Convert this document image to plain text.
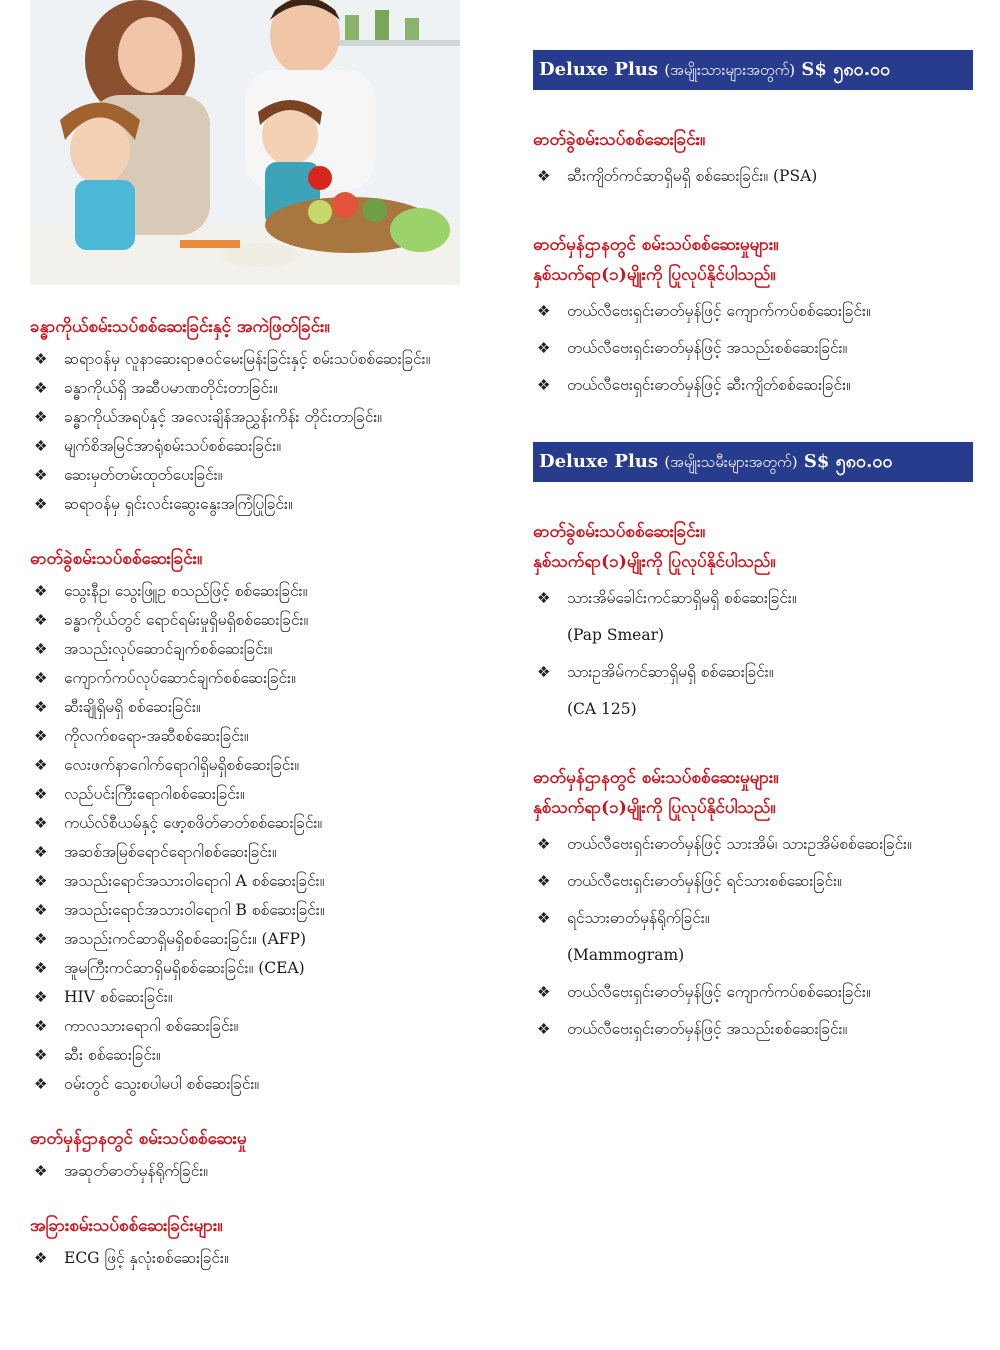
ခန္ဓာကိုယ်စမ်းသပ်စစ်ဆေးခြင်းနှင့် အကဲဖြတ်ခြင်း။
❖ ဆရာဝန်မှ လူနာဆေးရာဇဝင်မေးမြန်းခြင်းနှင့် စမ်းသပ်စစ်ဆေးခြင်း။
❖ ခန္ဓာကိုယ်ရှိ အဆီပမာဏတိုင်းတာခြင်း။
❖ ခန္ဓာကိုယ်အရပ်နှင့် အလေးချိန်အညွှန်းကိန်း တိုင်းတာခြင်း။
❖ မျက်စိအမြင်အာရုံစမ်းသပ်စစ်ဆေးခြင်း။
❖ ဆေးမှတ်တမ်းထုတ်ပေးခြင်း။
❖ ဆရာဝန်မှ ရှင်းလင်းဆွေးနွေးအကြံပြုခြင်း။
ဓာတ်ခွဲစမ်းသပ်စစ်ဆေးခြင်း။
❖ သွေးနီဥ၊ သွေးဖြူဥ စသည်ဖြင့် စစ်ဆေးခြင်း။
❖ ခန္ဓာကိုယ်တွင် ရောင်ရမ်းမှုရှိမရှိစစ်ဆေးခြင်း။
❖ အသည်းလုပ်ဆောင်ချက်စစ်ဆေးခြင်း။
❖ ကျောက်ကပ်လုပ်ဆောင်ချက်စစ်ဆေးခြင်း။
❖ ဆီးချိုရှိမရှိ စစ်ဆေးခြင်း။
❖ ကိုလက်စရော-အဆီစစ်ဆေးခြင်း။
❖ လေးဖက်နာဂေါက်ရောဂါရှိမရှိစစ်ဆေးခြင်း။
❖ လည်ပင်းကြီးရောဂါစစ်ဆေးခြင်း။
❖ ကယ်လ်စီယမ်နှင့် ဖော့စဖိတ်ဓာတ်စစ်ဆေးခြင်း။
❖ အဆစ်အမြစ်ရောင်ရောဂါစစ်ဆေးခြင်း။
❖ အသည်းရောင်အသားဝါရောဂါ A စစ်ဆေးခြင်း။
❖ အသည်းရောင်အသားဝါရောဂါ B စစ်ဆေးခြင်း။
❖ အသည်းကင်ဆာရှိမရှိစစ်ဆေးခြင်း။ (AFP)
❖ အူမကြီးကင်ဆာရှိမရှိစစ်ဆေးခြင်း။ (CEA)
❖ HIV စစ်ဆေးခြင်း။
❖ ကာလသားရောဂါ စစ်ဆေးခြင်း။
❖ ဆီး စစ်ဆေးခြင်း။
❖ ဝမ်းတွင် သွေးစပါမပါ စစ်ဆေးခြင်း။
ဓာတ်မှန်ဌာနတွင် စမ်းသပ်စစ်ဆေးမှု
❖ အဆုတ်ဓာတ်မှန်ရိုက်ခြင်း။
အခြားစမ်းသပ်စစ်ဆေးခြင်းများ။
❖ ECG ဖြင့် နှလုံးစစ်ဆေးခြင်း။
Deluxe Plus (အမျိုးသားများအတွက်) S$ ၅၈၀.၀၀
ဓာတ်ခွဲစမ်းသပ်စစ်ဆေးခြင်း။
❖ ဆီးကျိတ်ကင်ဆာရှိမရှိ စစ်ဆေးခြင်း။ (PSA)
ဓာတ်မှန်ဌာနတွင် စမ်းသပ်စစ်ဆေးမှုများ။
နှစ်သက်ရာ(၁)မျိုးကို ပြုလုပ်နိုင်ပါသည်။
❖ တယ်လီဗေးရှင်းဓာတ်မှန်ဖြင့် ကျောက်ကပ်စစ်ဆေးခြင်း။
❖ တယ်လီဗေးရှင်းဓာတ်မှန်ဖြင့် အသည်းစစ်ဆေးခြင်း။
❖ တယ်လီဗေးရှင်းဓာတ်မှန်ဖြင့် ဆီးကျိတ်စစ်ဆေးခြင်း။
Deluxe Plus (အမျိုးသမီးများအတွက်) S$ ၅၈၀.၀၀
ဓာတ်ခွဲစမ်းသပ်စစ်ဆေးခြင်း။
နှစ်သက်ရာ(၁)မျိုးကို ပြုလုပ်နိုင်ပါသည်။
❖ သားအိမ်ခေါင်းကင်ဆာရှိမရှိ စစ်ဆေးခြင်း။
(Pap Smear)
❖ သားဥအိမ်ကင်ဆာရှိမရှိ စစ်ဆေးခြင်း။
(CA 125)
ဓာတ်မှန်ဌာနတွင် စမ်းသပ်စစ်ဆေးမှုများ။
နှစ်သက်ရာ(၁)မျိုးကို ပြုလုပ်နိုင်ပါသည်။
❖ တယ်လီဗေးရှင်းဓာတ်မှန်ဖြင့် သားအိမ်၊ သားဥအိမ်စစ်ဆေးခြင်း။
❖ တယ်လီဗေးရှင်းဓာတ်မှန်ဖြင့် ရင်သားစစ်ဆေးခြင်း။
❖ ရင်သားဓာတ်မှန်ရိုက်ခြင်း။
(Mammogram)
❖ တယ်လီဗေးရှင်းဓာတ်မှန်ဖြင့် ကျောက်ကပ်စစ်ဆေးခြင်း။
❖ တယ်လီဗေးရှင်းဓာတ်မှန်ဖြင့် အသည်းစစ်ဆေးခြင်း။
